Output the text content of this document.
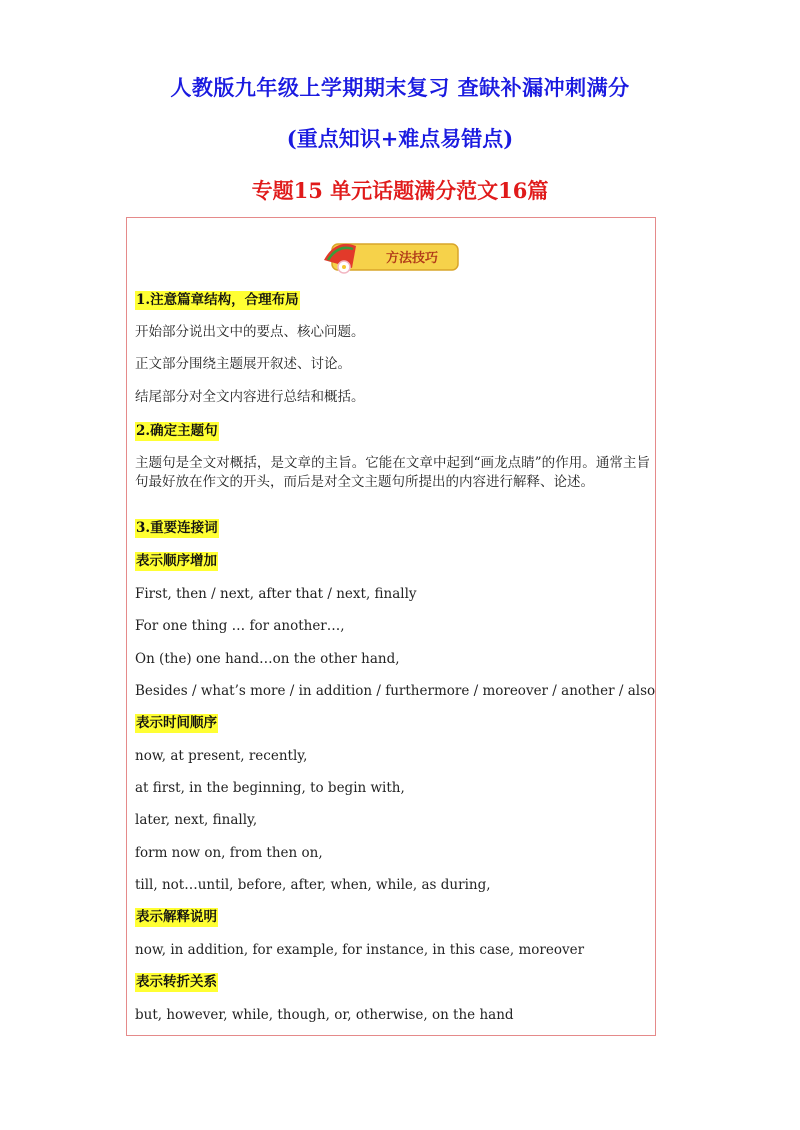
人教版九年级上学期期末复习 查缺补漏冲刺满分
(重点知识+难点易错点)
专题15 单元话题满分范文16篇
方法技巧
1.注意篇章结构，合理布局
开始部分说出文中的要点、核心问题。
正文部分围绕主题展开叙述、讨论。
结尾部分对全文内容进行总结和概括。
2.确定主题句
主题句是全文对概括，是文章的主旨。它能在文章中起到“画龙点睛”的作用。通常主旨句最好放在作文的开头，而后是对全文主题句所提出的内容进行解释、论述。
3.重要连接词
表示顺序增加
First, then / next, after that / next, finally
For one thing … for another…,
On (the) one hand…on the other hand,
Besides / what’s more / in addition / furthermore / moreover / another / also
表示时间顺序
now, at present, recently,
at first, in the beginning, to begin with,
later, next, finally,
form now on, from then on,
till, not…until, before, after, when, while, as during,
表示解释说明
now, in addition, for example, for instance, in this case, moreover
表示转折关系
but, however, while, though, or, otherwise, on the hand
